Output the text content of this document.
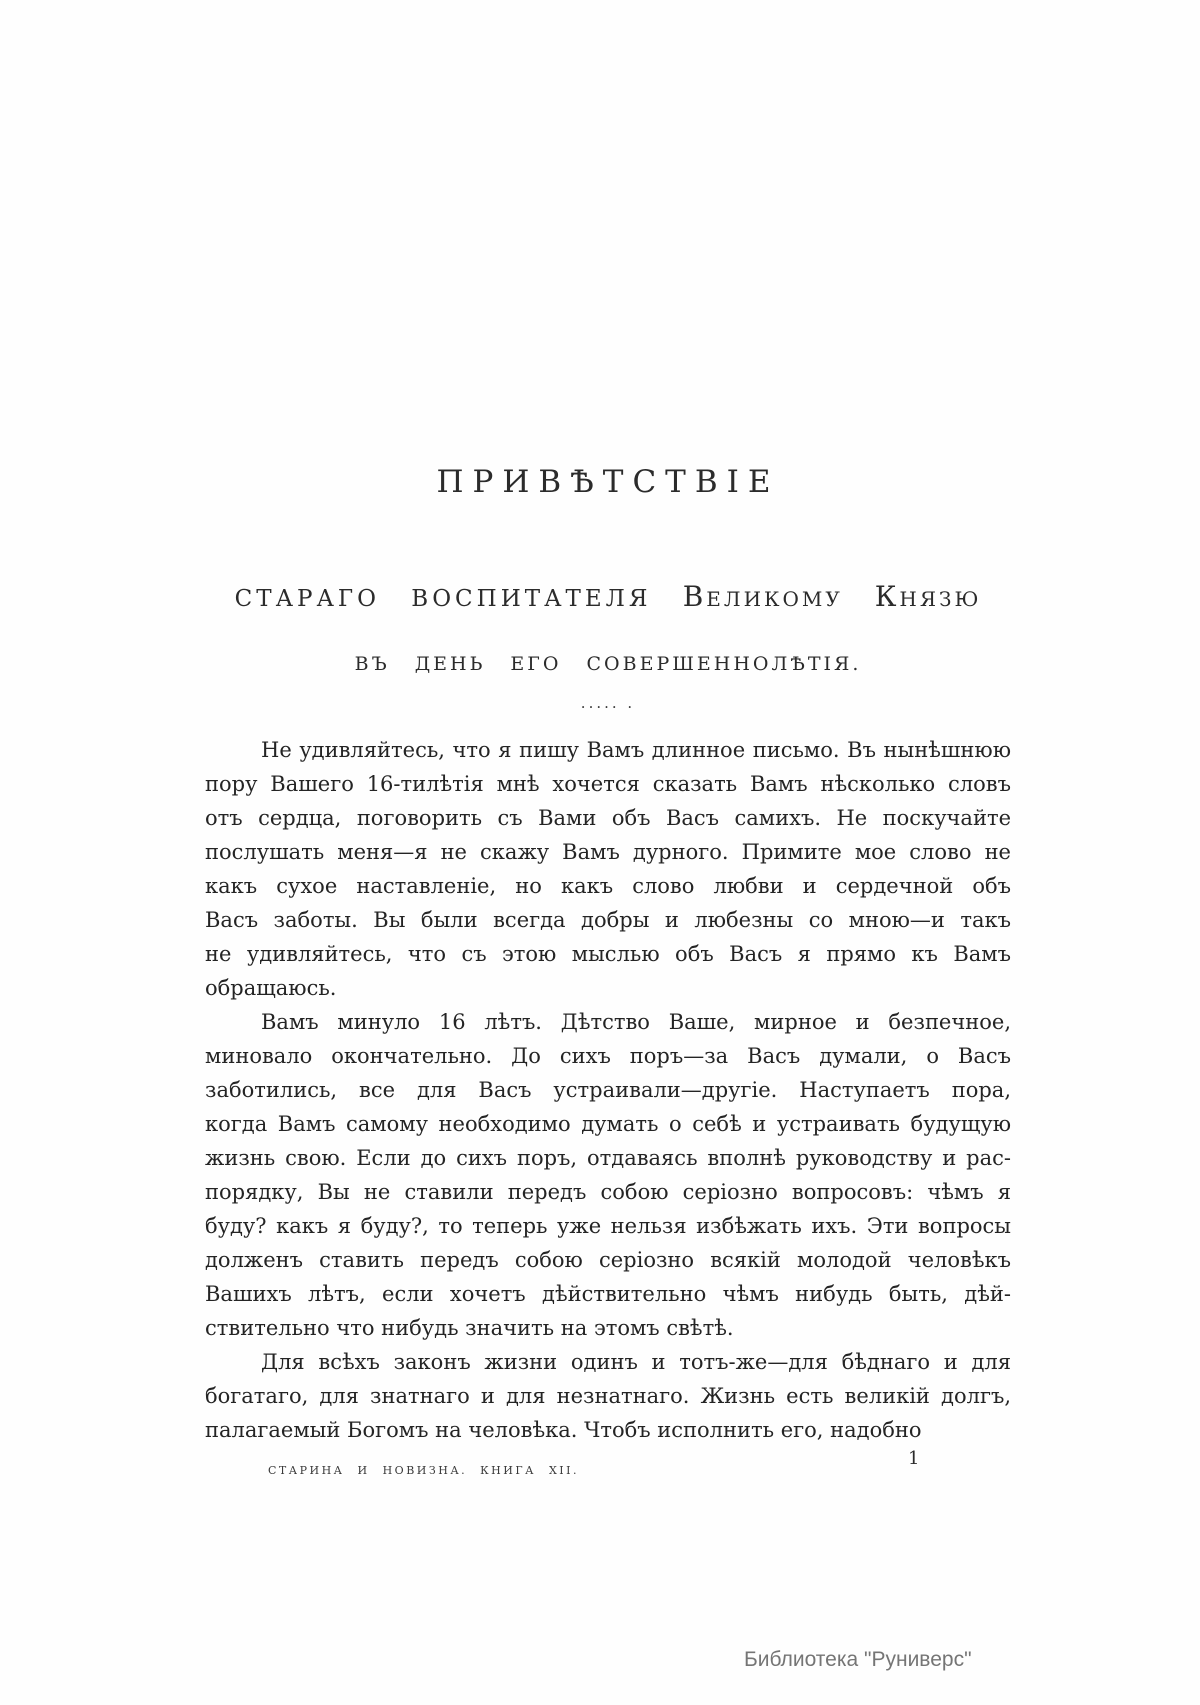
ПРИВѢТСТВІЕ
СТАРАГО ВОСПИТАТЕЛЯ Великому Князю
ВЪ ДЕНЬ ЕГО СОВЕРШЕННОЛѢТІЯ.
····· ·
Не удивляйтесь, что я пишу Вамъ длинное письмо. Въ нынѣшнюю
пору Вашего 16-тилѣтія мнѣ хочется сказать Вамъ нѣсколько словъ
отъ сердца, поговорить съ Вами объ Васъ самихъ. Не поскучайте
послушать меня—я не скажу Вамъ дурного. Примите мое слово не
какъ сухое наставленіе, но какъ слово любви и сердечной объ
Васъ заботы. Вы были всегда добры и любезны со мною—и такъ
не удивляйтесь, что съ этою мыслью объ Васъ я прямо къ Вамъ
обращаюсь.
Вамъ минуло 16 лѣтъ. Дѣтство Ваше, мирное и безпечное,
миновало окончательно. До сихъ поръ—за Васъ думали, о Васъ
заботились, все для Васъ устраивали—другіе. Наступаетъ пора,
когда Вамъ самому необходимо думать о себѣ и устраивать будущую
жизнь свою. Если до сихъ поръ, отдаваясь вполнѣ руководству и рас-
порядку, Вы не ставили передъ собою серіозно вопросовъ: чѣмъ я
буду? какъ я буду?, то теперь уже нельзя избѣжать ихъ. Эти вопросы
долженъ ставить передъ собою серіозно всякій молодой человѣкъ
Вашихъ лѣтъ, если хочетъ дѣйствительно чѣмъ нибудь быть, дѣй-
ствительно что нибудь значить на этомъ свѣтѣ.
Для всѣхъ законъ жизни одинъ и тотъ-же—для бѣднаго и для
богатаго, для знатнаго и для незнатнаго. Жизнь есть великій долгъ,
палагаемый Богомъ на человѣка. Чтобъ исполнить его, надобно
СТАРИНА И НОВИЗНА. КНИГА XII.
1
Библиотека "Руниверс"
